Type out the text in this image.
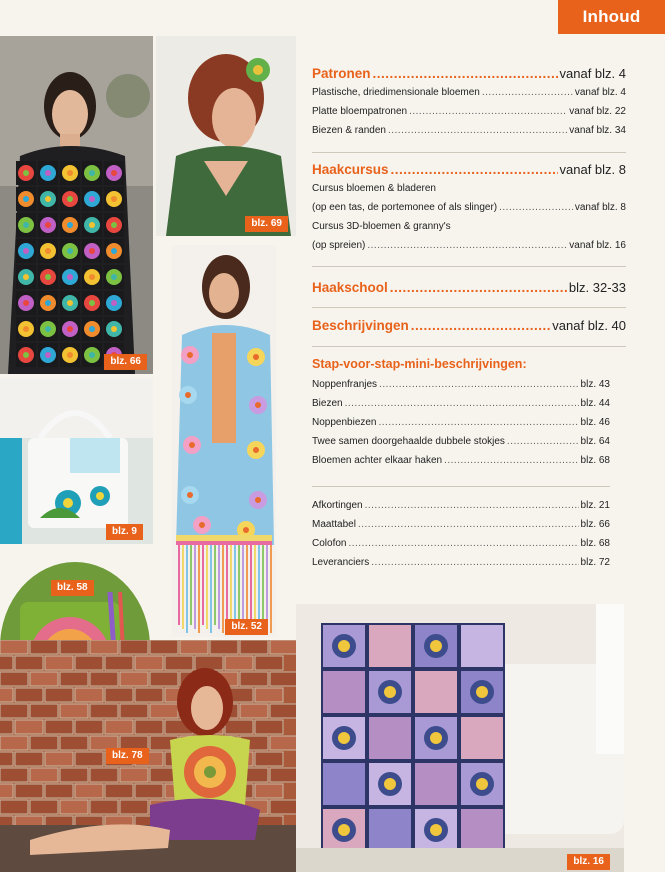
Inhoud
blz. 66
blz. 69
blz. 9
blz. 52
blz. 58
blz. 78
blz. 16
Patronen .....	vanaf blz. 4
Plastische, driedimensionale bloemen .....	vanaf blz. 4
Platte bloempatronen .....	vanaf blz. 22
Biezen & randen .....	vanaf blz. 34
Haakcursus .....	vanaf blz. 8
Cursus bloemen & bladeren
(op een tas, de portemonee of als slinger) .....	vanaf blz. 8
Cursus 3D-bloemen & granny's
(op spreien) .....	vanaf blz. 16
Haakschool .....	blz. 32-33
Beschrijvingen .....	vanaf blz. 40
Stap-voor-stap-mini-beschrijvingen:
Noppenfranjes .....	blz. 43
Biezen .....	blz. 44
Noppenbiezen .....	blz. 46
Twee samen doorgehaalde dubbele stokjes .....	blz. 64
Bloemen achter elkaar haken .....	blz. 68
Afkortingen .....	blz. 21
Maattabel .....	blz. 66
Colofon .....	blz. 68
Leveranciers .....	blz. 72
